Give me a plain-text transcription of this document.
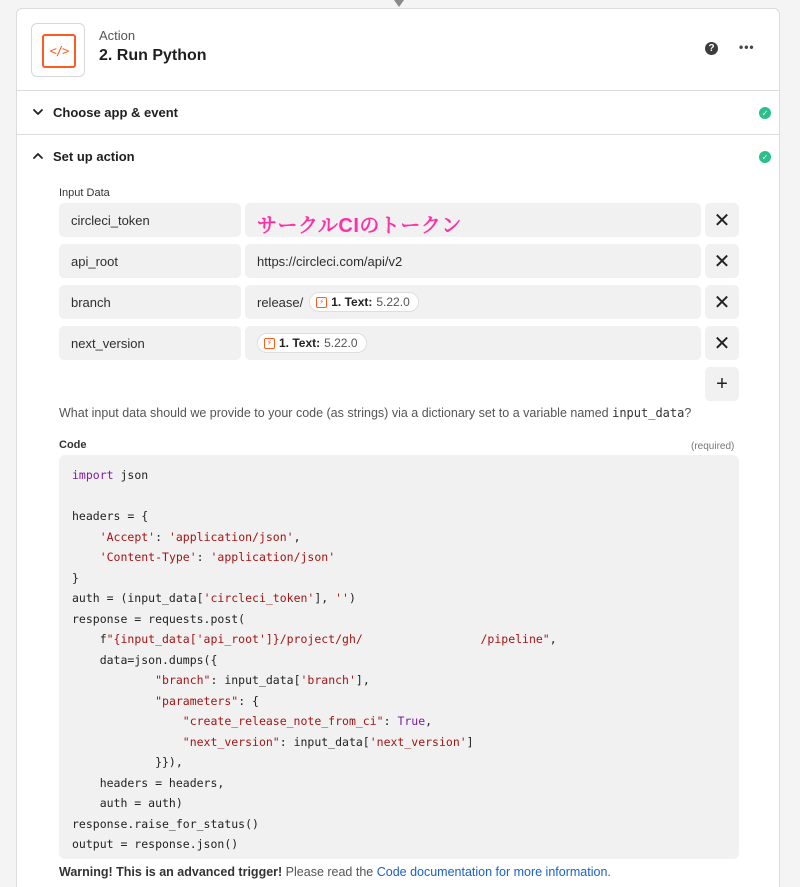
</>
Action
2. Run Python	? •••
Choose app & event	✓
Set up action	✓
Input Data
circleci_token	サークルCIのトークン	✕
api_root	https://circleci.com/api/v2	✕
branch	release/	⚡ 1. Text: 5.22.0	✕
next_version	⚡ 1. Text: 5.22.0	✕
+
What input data should we provide to your code (as strings) via a dictionary set to a variable named input_data?
Code	(required)
import json

headers = {
'Accept': 'application/json',
'Content-Type': 'application/json'
}
auth = (input_data['circleci_token'], '')
response = requests.post(
f"{input_data['api_root']}/project/gh/                 /pipeline",
data=json.dumps({
"branch": input_data['branch'],
"parameters": {
"create_release_note_from_ci": True,
"next_version": input_data['next_version']
}}),
headers = headers,
auth = auth)
response.raise_for_status()
output = response.json()
Warning! This is an advanced trigger! Please read the Code documentation for more information.
